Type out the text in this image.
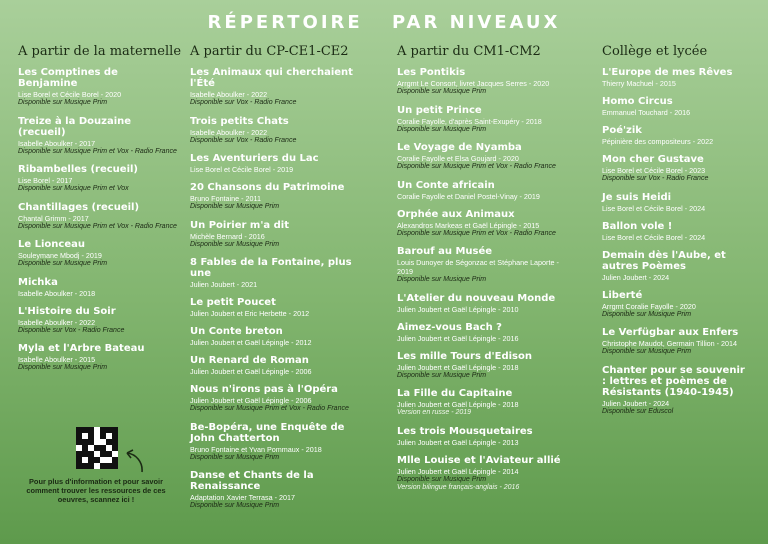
RÉPERTOIRE PAR NIVEAUX
A partir de la maternelle
Les Comptines de Benjamine
Lise Borel et Cécile Borel - 2020
Disponible sur Musique Prim
Treize à la Douzaine (recueil)
Isabelle Aboulker - 2017
Disponible sur Musique Prim et Vox - Radio France
Ribambelles (recueil)
Lise Borel - 2017
Disponible sur Musique Prim et Vox
Chantillages (recueil)
Chantal Grimm - 2017
Disponible sur Musique Prim et Vox - Radio France
Le Lionceau
Souleymane Mbodj - 2019
Disponible sur Musique Prim
Michka
Isabelle Aboulker - 2018
L'Histoire du Soir
Isabelle Aboulker - 2022
Disponible sur Vox - Radio France
Myla et l'Arbre Bateau
Isabelle Aboulker - 2015
Disponible sur Musique Prim
A partir du CP-CE1-CE2
Les Animaux qui cherchaient l'Été
Isabelle Aboulker - 2022
Disponible sur Vox - Radio France
Trois petits Chats
Isabelle Aboulker - 2022
Disponible sur Vox - Radio France
Les Aventuriers du Lac
Lise Borel et Cécile Borel - 2019
20 Chansons du Patrimoine
Bruno Fontaine - 2011
Disponible sur Musique Prim
Un Poirier m'a dit
Michèle Bernard - 2016
Disponible sur Musique Prim
8 Fables de la Fontaine, plus une
Julien Joubert - 2021
Le petit Poucet
Julien Joubert et Eric Herbette - 2012
Un Conte breton
Julien Joubert et Gaël Lépingle - 2012
Un Renard de Roman
Julien Joubert et Gaël Lépingle - 2006
Nous n'irons pas à l'Opéra
Julien Joubert et Gaël Lépingle - 2006
Disponible sur Musique Prim et Vox - Radio France
Be-Bopéra, une Enquête de John Chatterton
Bruno Fontaine et Yvan Pommaux - 2018
Disponible sur Musique Prim
Danse et Chants de la Renaissance
Adaptation Xavier Terrasa - 2017
Disponible sur Musique Prim
A partir du CM1-CM2
Les Pontikis
Arrgmt Le Consort, livret Jacques Serres - 2020
Disponible sur Musique Prim
Un petit Prince
Coralie Fayolle, d'après Saint-Exupéry - 2018
Disponible sur Musique Prim
Le Voyage de Nyamba
Coralie Fayolle et Elsa Goujard - 2020
Disponible sur Musique Prim et Vox - Radio France
Un Conte africain
Coralie Fayolle et Daniel Postel-Vinay - 2019
Orphée aux Animaux
Alexandros Markeas et Gaël Lépingle - 2015
Disponible sur Musique Prim et Vox - Radio France
Barouf au Musée
Louis Dunoyer de Ségonzac et Stéphane Laporte - 2019
Disponible sur Musique Prim
L'Atelier du nouveau Monde
Julien Joubert et Gaël Lépingle - 2010
Aimez-vous Bach ?
Julien Joubert et Gaël Lépingle - 2016
Les mille Tours d'Edison
Julien Joubert et Gaël Lépingle - 2018
Disponible sur Musique Prim
La Fille du Capitaine
Julien Joubert et Gaël Lépingle - 2018
Version en russe - 2019
Les trois Mousquetaires
Julien Joubert et Gaël Lépingle - 2013
Mlle Louise et l'Aviateur allié
Julien Joubert et Gaël Lépingle - 2014
Disponible sur Musique Prim
Version bilingue français-anglais - 2016
Collège et lycée
L'Europe de mes Rêves
Thierry Machuel - 2015
Homo Circus
Emmanuel Touchard - 2016
Poé'zik
Pépinière des compositeurs - 2022
Mon cher Gustave
Lise Borel et Cécile Borel - 2023
Disponible sur Vox - Radio France
Je suis Heidi
Lise Borel et Cécile Borel - 2024
Ballon vole !
Lise Borel et Cécile Borel - 2024
Demain dès l'Aube, et autres Poèmes
Julien Joubert - 2024
Liberté
Arrgmt Coralie Fayolle - 2020
Disponible sur Musique Prim
Le Verfügbar aux Enfers
Christophe Maudot, Germain Tillion - 2014
Disponible sur Musique Prim
Chanter pour se souvenir : lettres et poèmes de Résistants (1940-1945)
Julien Joubert - 2024
Disponible sur Eduscol
Pour plus d'information et pour savoir comment trouver les ressources de ces oeuvres, scannez ici !
